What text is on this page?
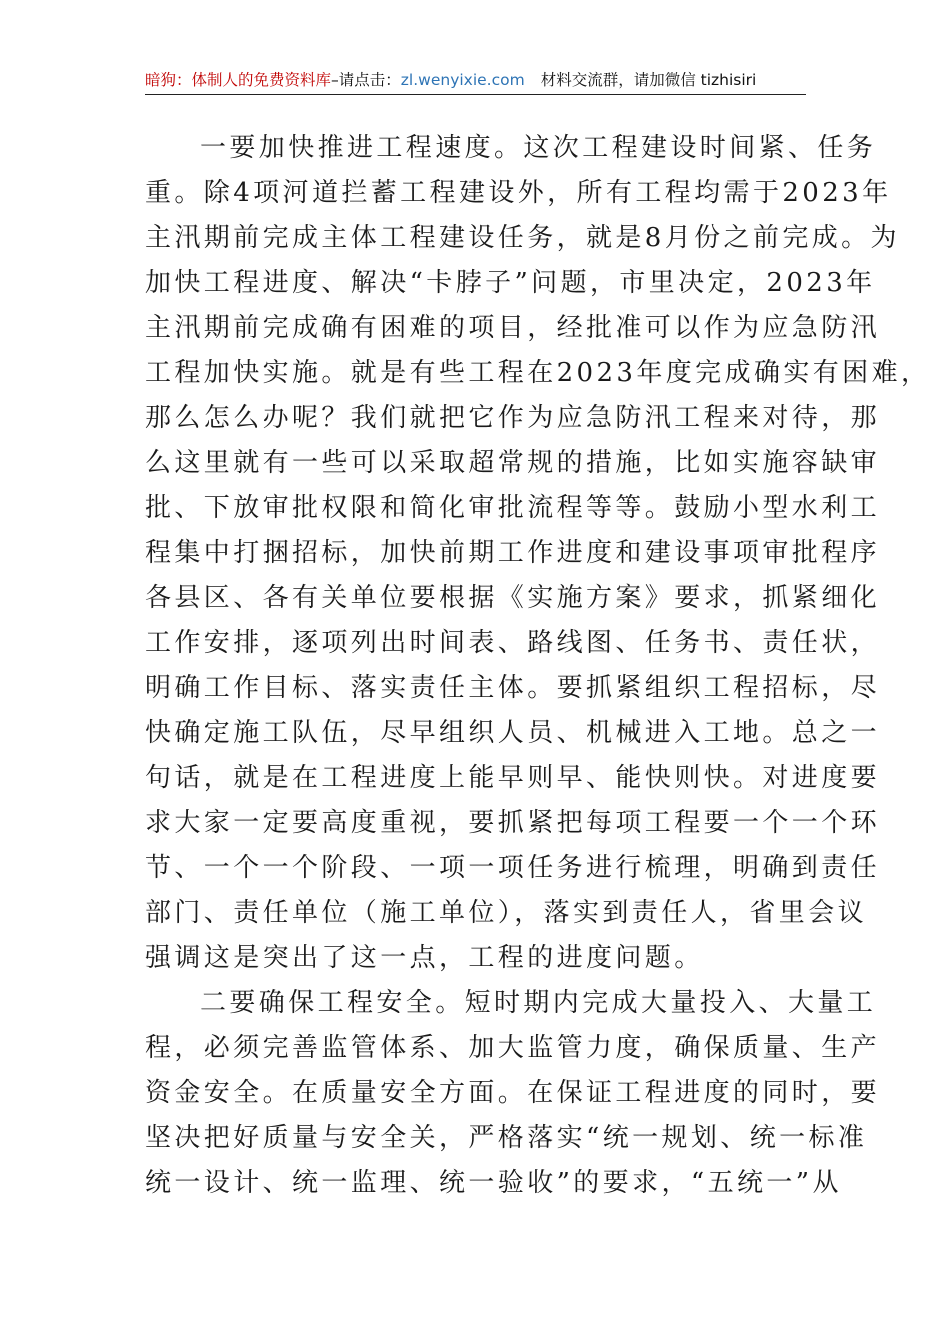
暗狗：体制人的免费资料库–请点击：zl.wenyixie.com 材料交流群，请加微信 tizhisiri
一要加快推进工程速度。这次工程建设时间紧、任务
重。除4项河道拦蓄工程建设外，所有工程均需于2023年
主汛期前完成主体工程建设任务，就是8月份之前完成。为
加快工程进度、解决“卡脖子”问题，市里决定，2023年
主汛期前完成确有困难的项目，经批准可以作为应急防汛
工程加快实施。就是有些工程在2023年度完成确实有困难，
那么怎么办呢？我们就把它作为应急防汛工程来对待，那
么这里就有一些可以采取超常规的措施，比如实施容缺审
批、下放审批权限和简化审批流程等等。鼓励小型水利工
程集中打捆招标，加快前期工作进度和建设事项审批程序
各县区、各有关单位要根据《实施方案》要求，抓紧细化
工作安排，逐项列出时间表、路线图、任务书、责任状，
明确工作目标、落实责任主体。要抓紧组织工程招标，尽
快确定施工队伍，尽早组织人员、机械进入工地。总之一
句话，就是在工程进度上能早则早、能快则快。对进度要
求大家一定要高度重视，要抓紧把每项工程要一个一个环
节、一个一个阶段、一项一项任务进行梳理，明确到责任
部门、责任单位（施工单位），落实到责任人，省里会议
强调这是突出了这一点，工程的进度问题。
二要确保工程安全。短时期内完成大量投入、大量工
程，必须完善监管体系、加大监管力度，确保质量、生产
资金安全。在质量安全方面。在保证工程进度的同时，要
坚决把好质量与安全关，严格落实“统一规划、统一标准
统一设计、统一监理、统一验收”的要求，“五统一”从
